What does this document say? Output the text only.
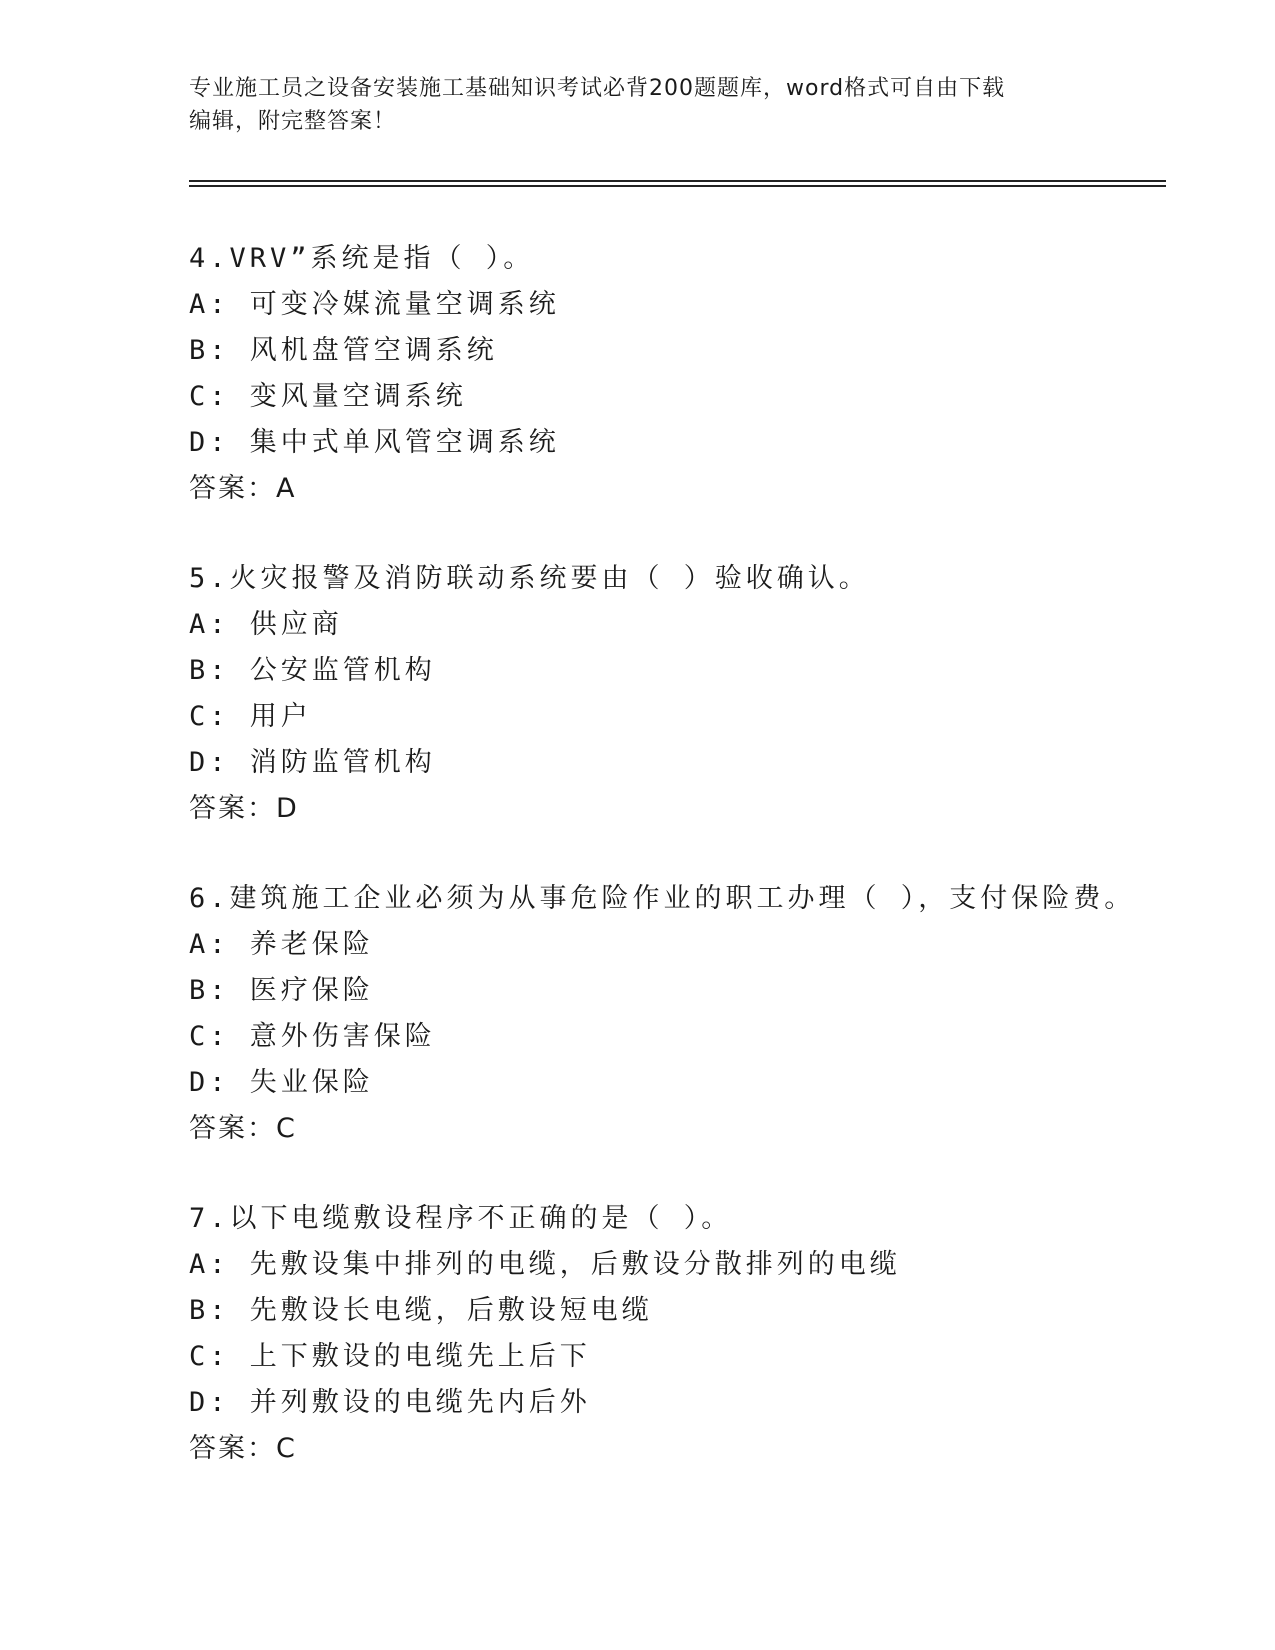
专业施工员之设备安装施工基础知识考试必背200题题库，word格式可自由下载
编辑，附完整答案！
4.VRV”系统是指（ ）。
A: 可变冷媒流量空调系统
B: 风机盘管空调系统
C: 变风量空调系统
D: 集中式单风管空调系统
答案：A
5.火灾报警及消防联动系统要由（ ）验收确认。
A: 供应商
B: 公安监管机构
C: 用户
D: 消防监管机构
答案：D
6.建筑施工企业必须为从事危险作业的职工办理（ ），支付保险费。
A: 养老保险
B: 医疗保险
C: 意外伤害保险
D: 失业保险
答案：C
7.以下电缆敷设程序不正确的是（ ）。
A: 先敷设集中排列的电缆，后敷设分散排列的电缆
B: 先敷设长电缆，后敷设短电缆
C: 上下敷设的电缆先上后下
D: 并列敷设的电缆先内后外
答案：C
